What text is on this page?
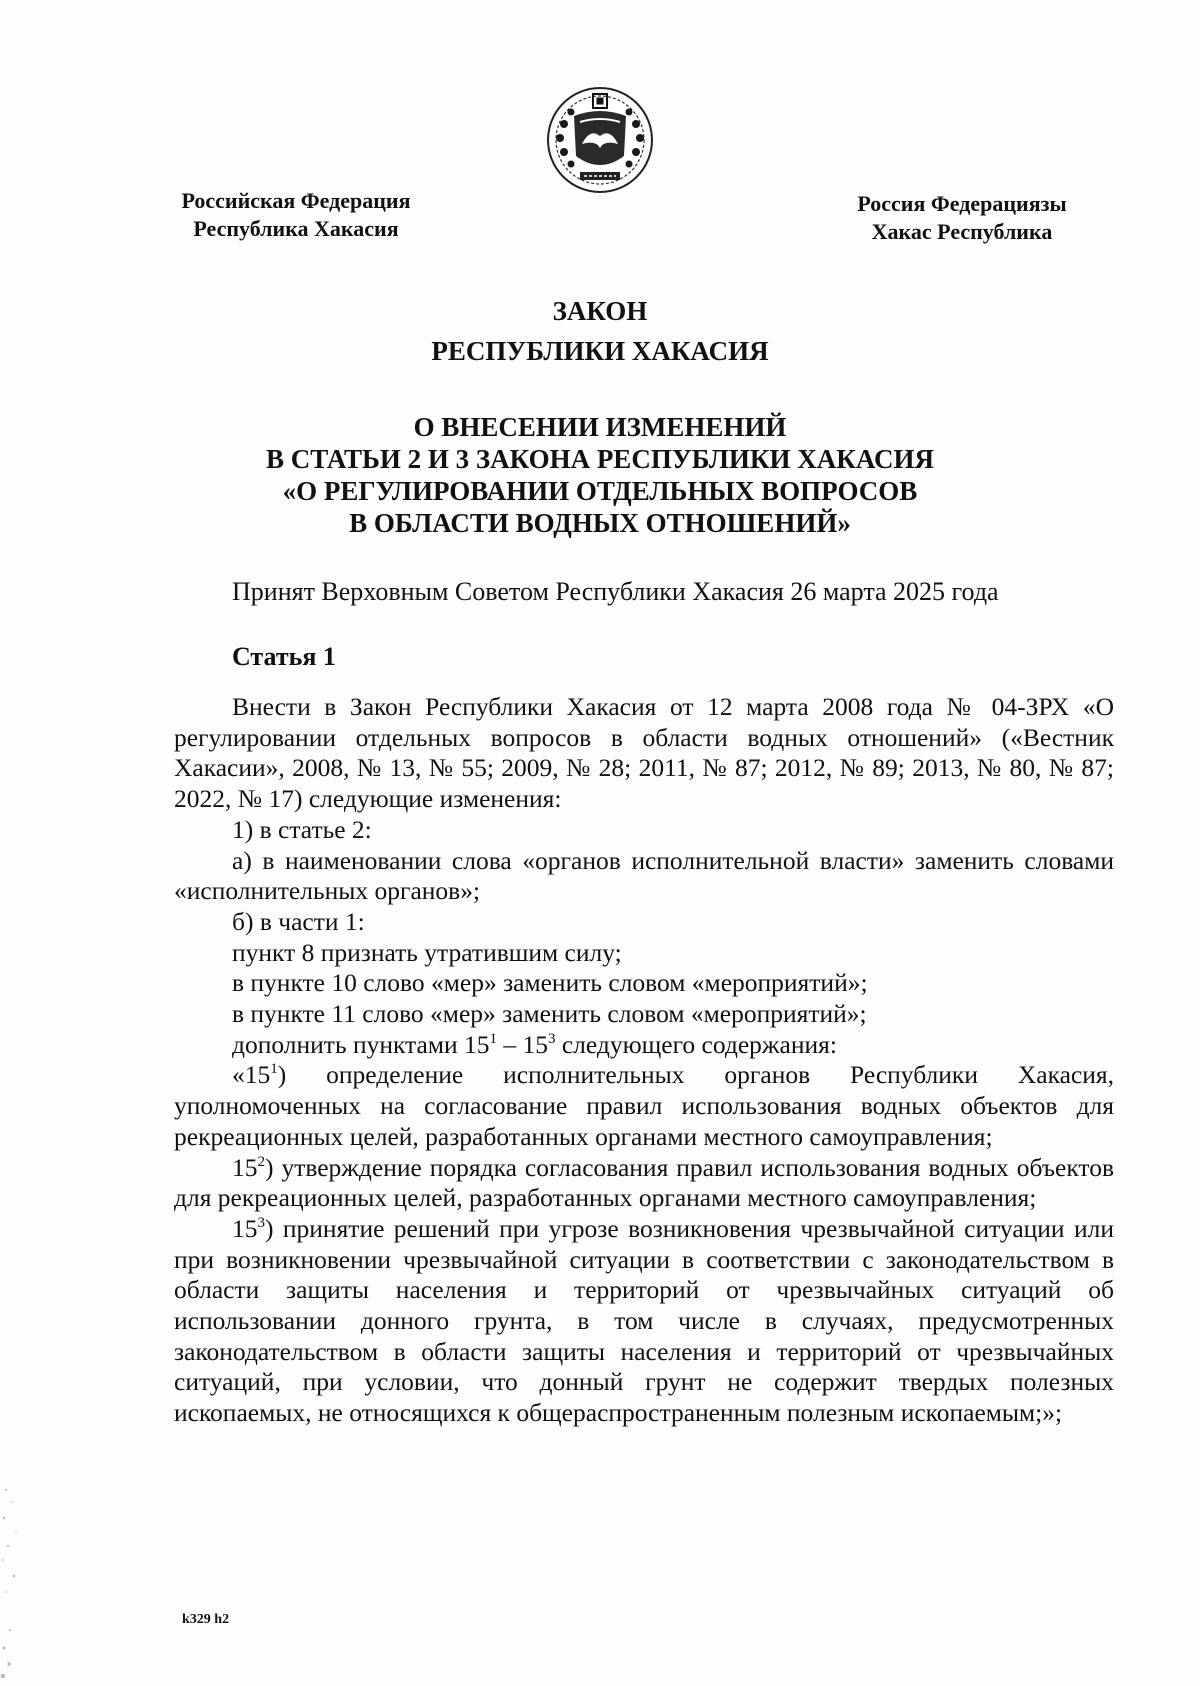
Российская Федерация
Республика Хакасия
Россия Федерациязы
Хакас Республика
ЗАКОН
РЕСПУБЛИКИ ХАКАСИЯ
О ВНЕСЕНИИ ИЗМЕНЕНИЙ
В СТАТЬИ 2 И 3 ЗАКОНА РЕСПУБЛИКИ ХАКАСИЯ
«О РЕГУЛИРОВАНИИ ОТДЕЛЬНЫХ ВОПРОСОВ
В ОБЛАСТИ ВОДНЫХ ОТНОШЕНИЙ»
Принят Верховным Советом Республики Хакасия 26 марта 2025 года
Статья 1

Внести в Закон Республики Хакасия от 12 марта 2008 года № 04-ЗРХ «О регулировании отдельных вопросов в области водных отношений» («Вестник Хакасии», 2008, № 13, № 55; 2009, № 28; 2011, № 87; 2012, № 89; 2013, № 80, № 87; 2022, № 17) следующие изменения:

1) в статье 2:

а) в наименовании слова «органов исполнительной власти» заменить словами «исполнительных органов»;

б) в части 1:

пункт 8 признать утратившим силу;

в пункте 10 слово «мер» заменить словом «мероприятий»;

в пункте 11 слово «мер» заменить словом «мероприятий»;

дополнить пунктами $15^1 - 15^3$ следующего содержания:

«$15^1$) определение исполнительных органов Республики Хакасия, уполномоченных на согласование правил использования водных объектов для рекреационных целей, разработанных органами местного самоуправления;

$15^2$) утверждение порядка согласования правил использования водных объектов для рекреационных целей, разработанных органами местного самоуправления;

$15^3$) принятие решений при угрозе возникновения чрезвычайной ситуации или при возникновении чрезвычайной ситуации в соответствии с законодательством в области защиты населения и территорий от чрезвычайных ситуаций об использовании донного грунта, в том числе в случаях, предусмотренных законодательством в области защиты населения и территорий от чрезвычайных ситуаций, при условии, что донный грунт не содержит твердых полезных ископаемых, не относящихся к общераспространенным полезным ископаемым;»;

k329 h2
